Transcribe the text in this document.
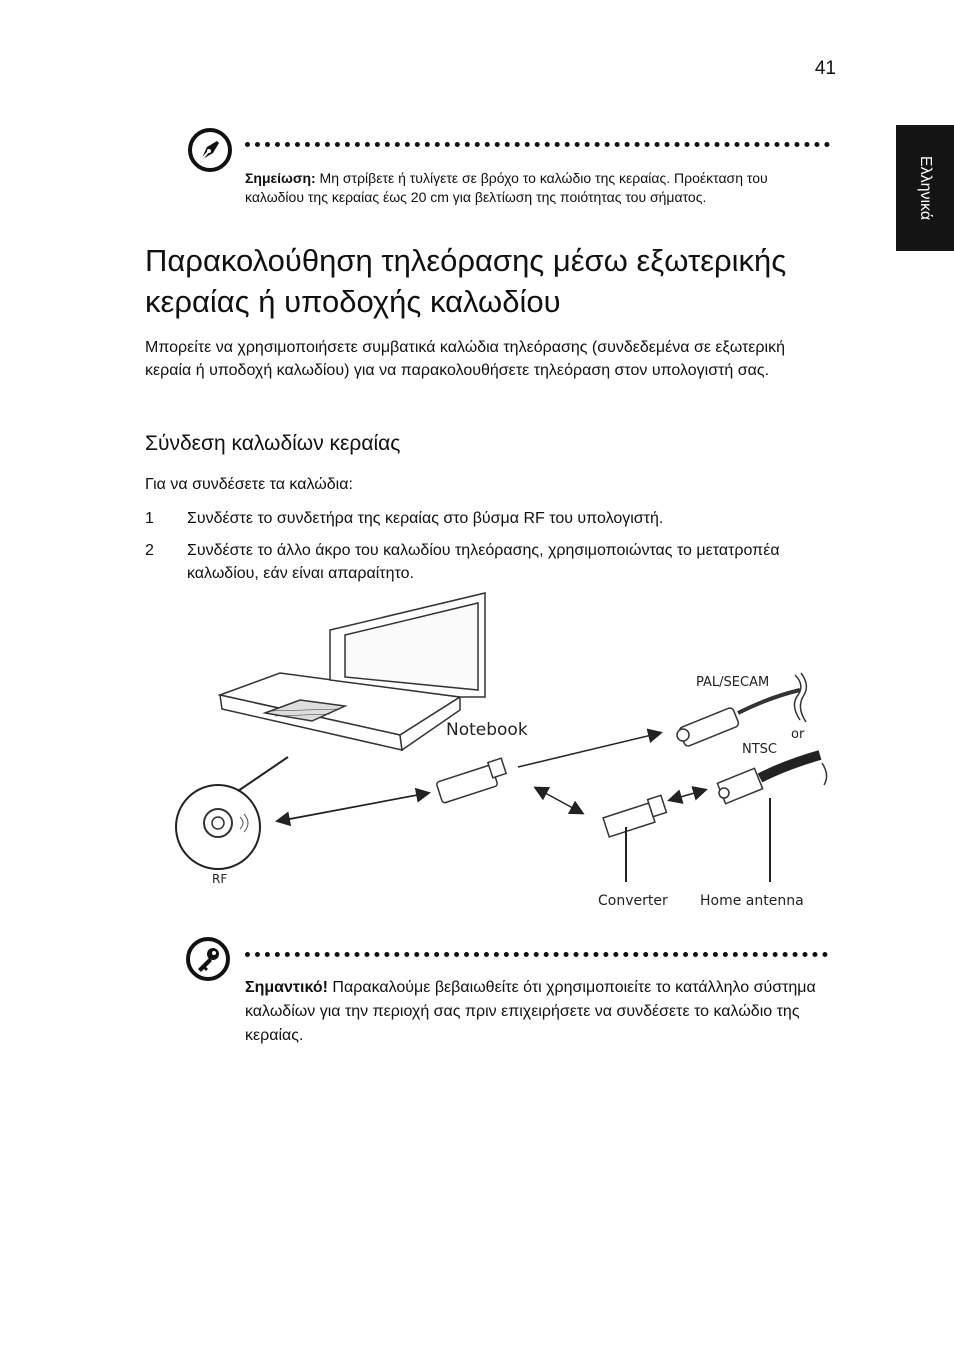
41
Ελληνικά
Σημείωση: Μη στρίβετε ή τυλίγετε σε βρόχο το καλώδιο της κεραίας. Προέκταση του καλωδίου της κεραίας έως 20 cm για βελτίωση της ποιότητας του σήματος.
Παρακολούθηση τηλεόρασης μέσω εξωτερικής κεραίας ή υποδοχής καλωδίου
Μπορείτε να χρησιμοποιήσετε συμβατικά καλώδια τηλεόρασης (συνδεδεμένα σε εξωτερική κεραία ή υποδοχή καλωδίου) για να παρακολουθήσετε τηλεόραση στον υπολογιστή σας.
Σύνδεση καλωδίων κεραίας
Για να συνδέσετε τα καλώδια:
1	Συνδέστε το συνδετήρα της κεραίας στο βύσμα RF του υπολογιστή.
2	Συνδέστε το άλλο άκρο του καλωδίου τηλεόρασης, χρησιμοποιώντας το μετατροπέα καλωδίου, εάν είναι απαραίτητο.
Notebook
PAL/SECAM
or
NTSC
RF
Converter Home antenna
Σημαντικό! Παρακαλούμε βεβαιωθείτε ότι χρησιμοποιείτε το κατάλληλο σύστημα καλωδίων για την περιοχή σας πριν επιχειρήσετε να συνδέσετε το καλώδιο της κεραίας.
